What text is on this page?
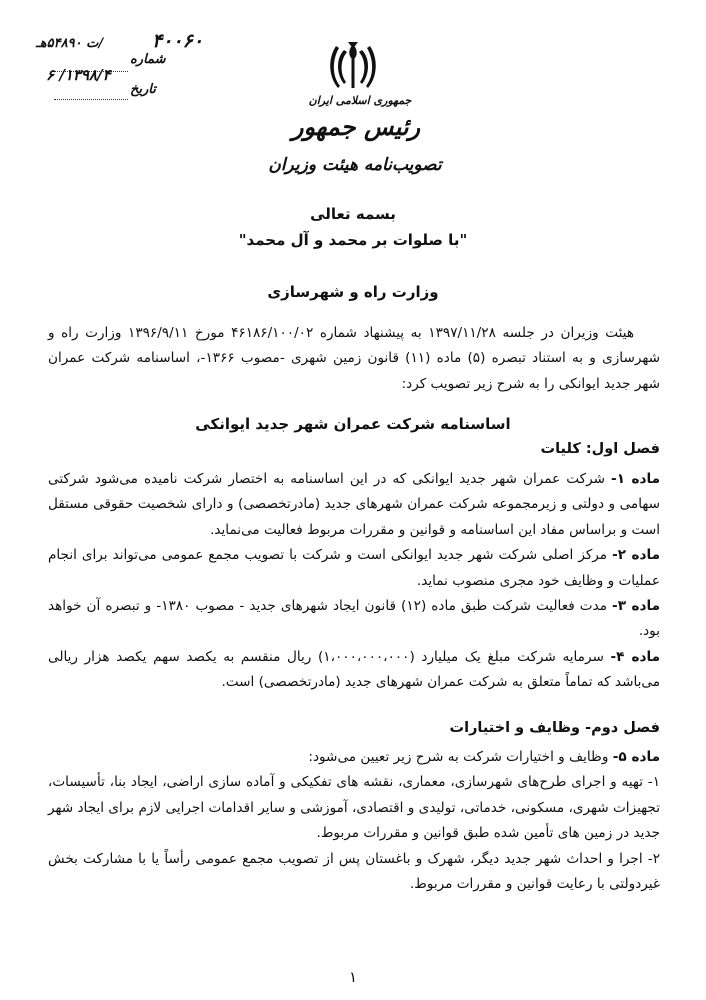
۴۰۰۶۰
/ت ۵۴۸۹۰هـ
شماره
۱۳۹۸/۴/ ۶
تاریخ
جمهوری اسلامی ایران
رئیس جمهور
تصویب‌نامه هیئت وزیران
بسمه تعالی
"با صلوات بر محمد و آل محمد"
وزارت راه و شهرسازی

هیئت وزیران در جلسه ۱۳۹۷/۱۱/۲۸ به پیشنهاد شماره ۴۶۱۸۶/۱۰۰/۰۲ مورخ ۱۳۹۶/۹/۱۱ وزارت راه و شهرسازی و به استناد تبصره (۵) ماده (۱۱) قانون زمین شهری -مصوب ۱۳۶۶-، اساسنامه شرکت عمران شهر جدید ایوانکی را به شرح زیر تصویب کرد:

اساسنامه شرکت عمران شهر جدید ایوانکی
فصل اول: کلیات

ماده ۱- شرکت عمران شهر جدید ایوانکی که در این اساسنامه به اختصار شرکت نامیده می‌شود شرکتی سهامی و دولتی و زیرمجموعه شرکت عمران شهرهای جدید (مادرتخصصی) و دارای شخصیت حقوقی مستقل است و براساس مفاد این اساسنامه و قوانین و مقررات مربوط فعالیت می‌نماید.

ماده ۲- مرکز اصلی شرکت شهر جدید ایوانکی است و شرکت با تصویب مجمع عمومی می‌تواند برای انجام عملیات و وظایف خود مجری منصوب نماید.

ماده ۳- مدت فعالیت شرکت طبق ماده (۱۲) قانون ایجاد شهرهای جدید - مصوب ۱۳۸۰- و تبصره آن خواهد بود.

ماده ۴- سرمایه شرکت مبلغ یک میلیارد (۱،۰۰۰،۰۰۰،۰۰۰) ریال منقسم به یکصد سهم یکصد هزار ریالی می‌باشد که تماماً متعلق به شرکت عمران شهرهای جدید (مادرتخصصی) است.

فصل دوم- وظایف و اختیارات

ماده ۵- وظایف و اختیارات شرکت به شرح زیر تعیین می‌شود:

۱- تهیه و اجرای طرح‌های شهرسازی، معماری، نقشه های تفکیکی و آماده سازی اراضی، ایجاد بنا، تأسیسات، تجهیزات شهری، مسکونی، خدماتی، تولیدی و اقتصادی، آموزشی و سایر اقدامات اجرایی لازم برای ایجاد شهر جدید در زمین های تأمین شده طبق قوانین و مقررات مربوط.

۲- اجرا و احداث شهر جدید دیگر، شهرک و باغستان پس از تصویب مجمع عمومی رأساً یا با مشارکت بخش غیردولتی با رعایت قوانین و مقررات مربوط.

۱
